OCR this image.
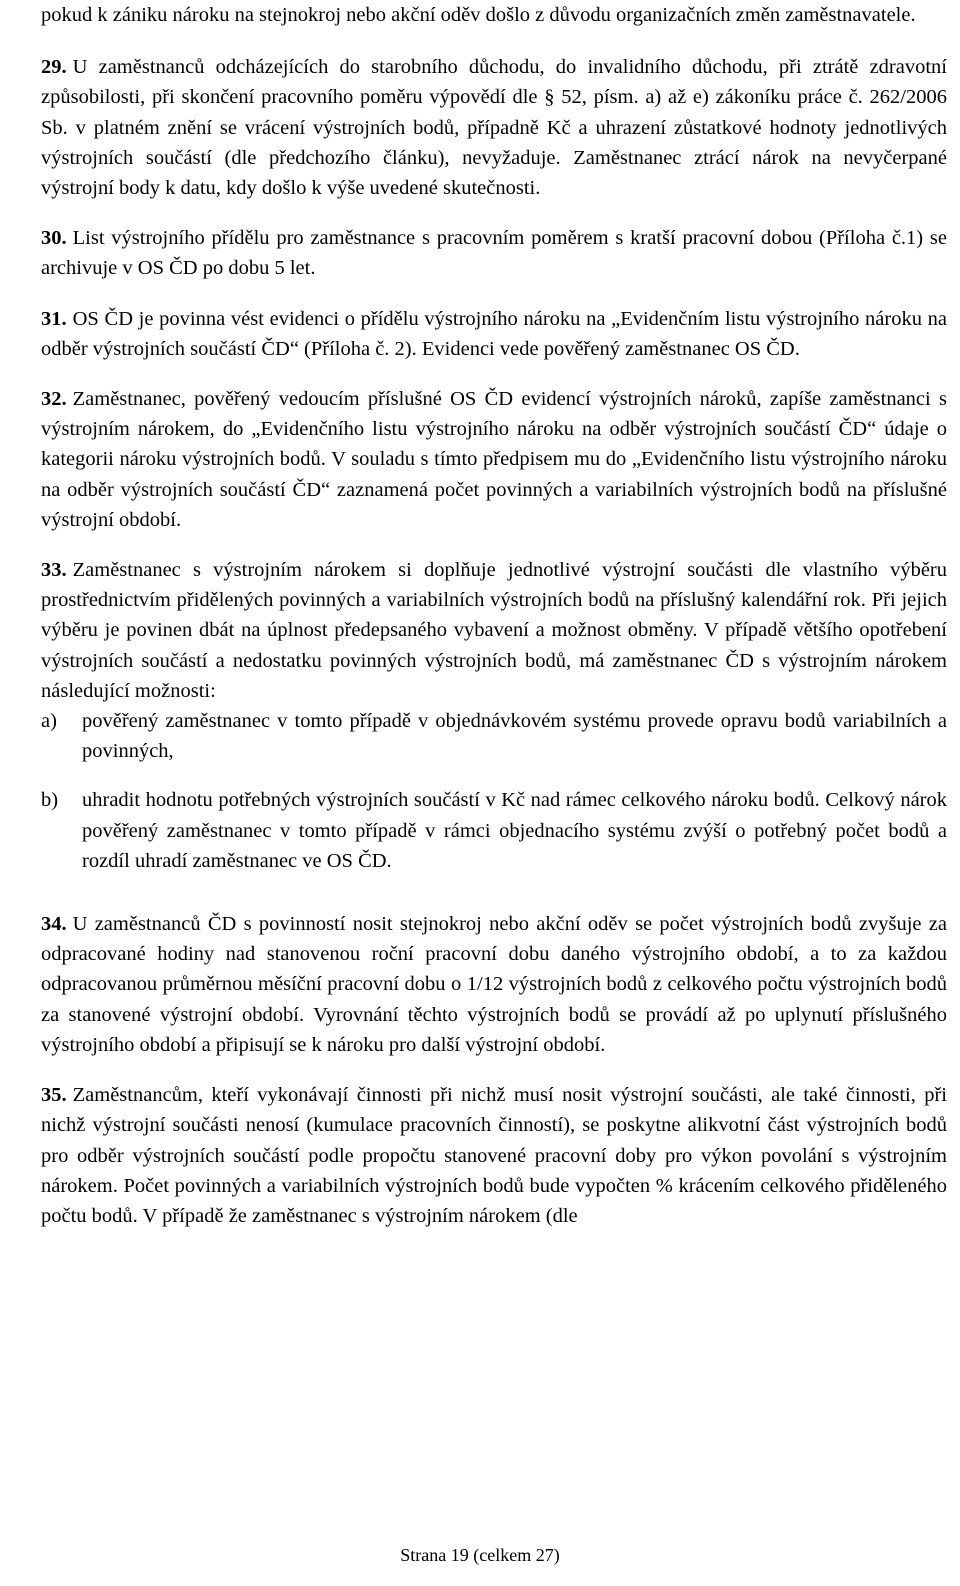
pokud k zániku nároku na stejnokroj nebo akční oděv došlo z důvodu organizačních změn zaměstnavatele.

29. U zaměstnanců odcházejících do starobního důchodu, do invalidního důchodu, při ztrátě zdravotní způsobilosti, při skončení pracovního poměru výpovědí dle § 52, písm. a) až e) zákoníku práce č. 262/2006 Sb. v platném znění se vrácení výstrojních bodů, případně Kč a uhrazení zůstatkové hodnoty jednotlivých výstrojních součástí (dle předchozího článku), nevyžaduje. Zaměstnanec ztrácí nárok na nevyčerpané výstrojní body k datu, kdy došlo k výše uvedené skutečnosti.

30. List výstrojního přídělu pro zaměstnance s pracovním poměrem s kratší pracovní dobou (Příloha č.1) se archivuje v OS ČD po dobu 5 let.

31. OS ČD je povinna vést evidenci o přídělu výstrojního nároku na „Evidenčním listu výstrojního nároku na odběr výstrojních součástí ČD“ (Příloha č. 2). Evidenci vede pověřený zaměstnanec OS ČD.

32. Zaměstnanec, pověřený vedoucím příslušné OS ČD evidencí výstrojních nároků, zapíše zaměstnanci s výstrojním nárokem, do „Evidenčního listu výstrojního nároku na odběr výstrojních součástí ČD“ údaje o kategorii nároku výstrojních bodů. V souladu s tímto předpisem mu do „Evidenčního listu výstrojního nároku na odběr výstrojních součástí ČD“ zaznamená počet povinných a variabilních výstrojních bodů na příslušné výstrojní období.

33. Zaměstnanec s výstrojním nárokem si doplňuje jednotlivé výstrojní součásti dle vlastního výběru prostřednictvím přidělených povinných a variabilních výstrojních bodů na příslušný kalendářní rok. Při jejich výběru je povinen dbát na úplnost předepsaného vybavení a možnost obměny. V případě většího opotřebení výstrojních součástí a nedostatku povinných výstrojních bodů, má zaměstnanec ČD s výstrojním nárokem následující možnosti:

a) pověřený zaměstnanec v tomto případě v objednávkovém systému provede opravu bodů variabilních a povinných,

b) uhradit hodnotu potřebných výstrojních součástí v Kč nad rámec celkového nároku bodů. Celkový nárok pověřený zaměstnanec v tomto případě v rámci objednacího systému zvýší o potřebný počet bodů a rozdíl uhradí zaměstnanec ve OS ČD.

34. U zaměstnanců ČD s povinností nosit stejnokroj nebo akční oděv se počet výstrojních bodů zvyšuje za odpracované hodiny nad stanovenou roční pracovní dobu daného výstrojního období, a to za každou odpracovanou průměrnou měsíční pracovní dobu o 1/12 výstrojních bodů z celkového počtu výstrojních bodů za stanovené výstrojní období. Vyrovnání těchto výstrojních bodů se provádí až po uplynutí příslušného výstrojního období a připisují se k nároku pro další výstrojní období.

35. Zaměstnancům, kteří vykonávají činnosti při nichž musí nosit výstrojní součásti, ale také činnosti, při nichž výstrojní součásti nenosí (kumulace pracovních činností), se poskytne alikvotní část výstrojních bodů pro odběr výstrojních součástí podle propočtu stanovené pracovní doby pro výkon povolání s výstrojním nárokem. Počet povinných a variabilních výstrojních bodů bude vypočten % krácením celkového přiděleného počtu bodů. V případě že zaměstnanec s výstrojním nárokem (dle

Strana 19 (celkem 27)
